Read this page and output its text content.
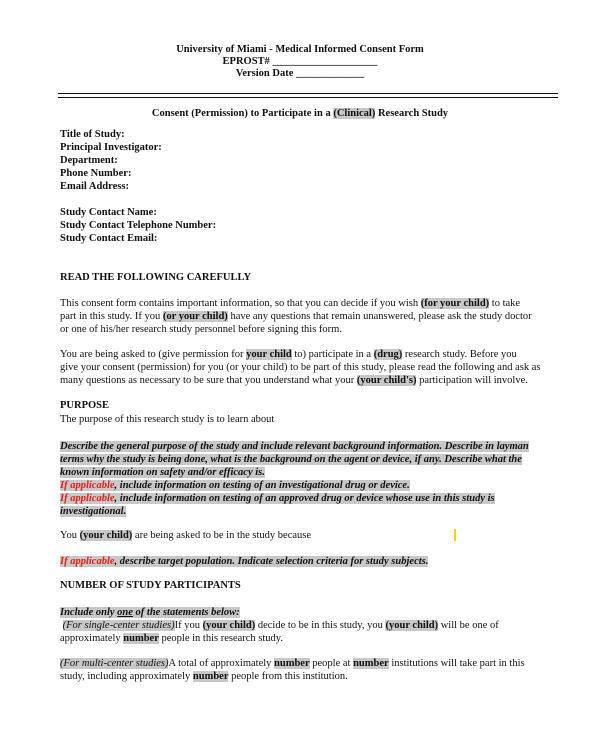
University of Miami - Medical Informed Consent Form
EPROST# ____________________
Version Date _____________
Consent (Permission) to Participate in a (Clinical) Research Study
Title of Study:
Principal Investigator:
Department:
Phone Number:
Email Address:
Study Contact Name:
Study Contact Telephone Number:
Study Contact Email:
READ THE FOLLOWING CAREFULLY
This consent form contains important information, so that you can decide if you wish (for your child) to take
part in this study. If you (or your child) have any questions that remain unanswered, please ask the study doctor
or one of his/her research study personnel before signing this form.
You are being asked to (give permission for your child to) participate in a (drug) research study. Before you
give your consent (permission) for you (or your child) to be part of this study, please read the following and ask as
many questions as necessary to be sure that you understand what your (your child's) participation will involve.
PURPOSE
The purpose of this research study is to learn about
Describe the general purpose of the study and include relevant background information. Describe in layman
terms why the study is being done, what is the background on the agent or device, if any. Describe what the
known information on safety and/or efficacy is.
If applicable, include information on testing of an investigational drug or device.
If applicable, include information on testing of an approved drug or device whose use in this study is
investigational.
You (your child) are being asked to be in the study because
If applicable, describe target population. Indicate selection criteria for study subjects.
NUMBER OF STUDY PARTICIPANTS
Include only one of the statements below:
(For single-center studies)If you (your child) decide to be in this study, you (your child) will be one of
approximately number people in this research study.
(For multi-center studies)A total of approximately number people at number institutions will take part in this
study, including approximately number people from this institution.
